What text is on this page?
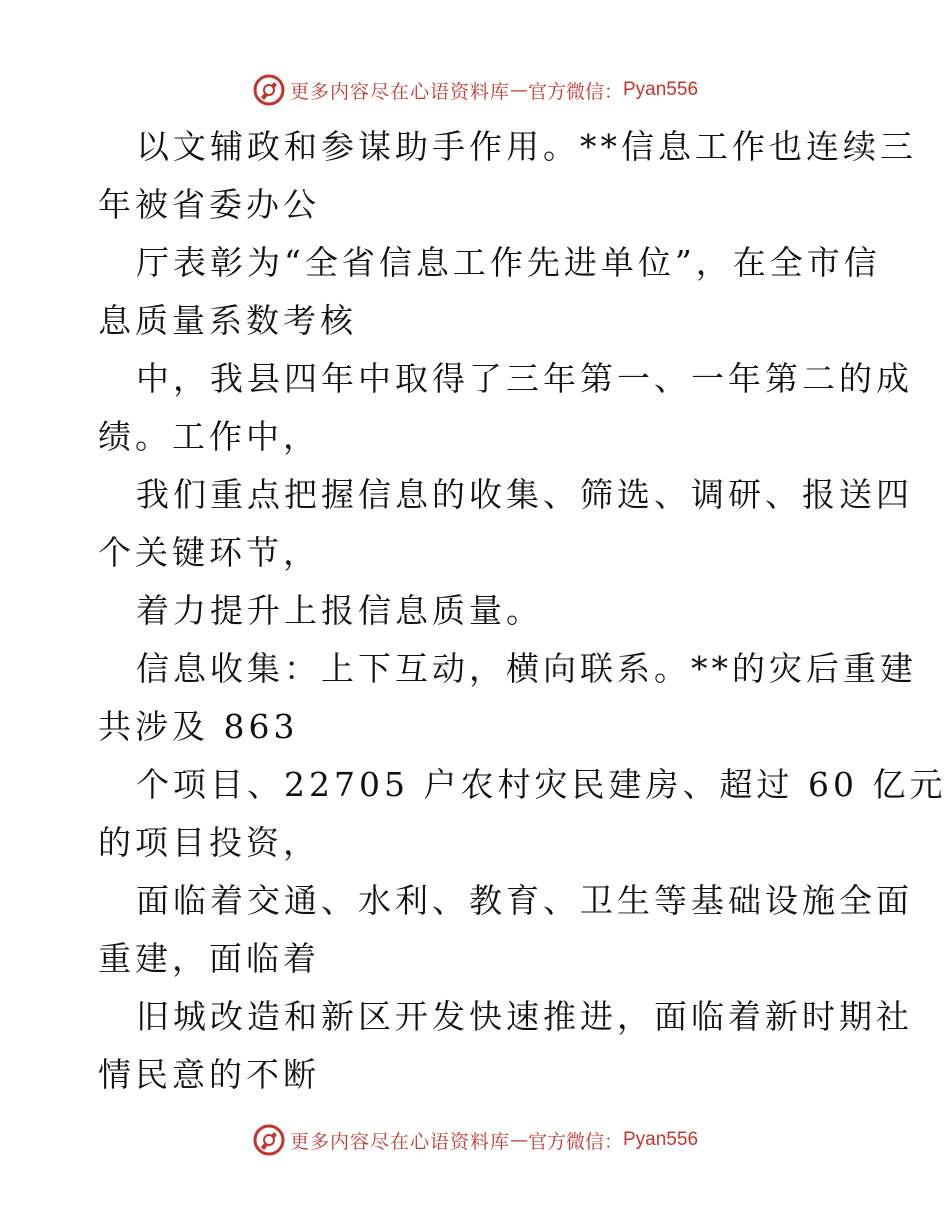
更多内容尽在心语资料库 — 官方微信： Pyan556
以文辅政和参谋助手作用。**信息工作也连续三
年被省委办公
厅表彰为“全省信息工作先进单位”，在全市信
息质量系数考核
中，我县四年中取得了三年第一、一年第二的成
绩。工作中，
我们重点把握信息的收集、筛选、调研、报送四
个关键环节，
着力提升上报信息质量。
信息收集：上下互动，横向联系。**的灾后重建
共涉及 863
个项目、22705 户农村灾民建房、超过 60 亿元
的项目投资，
面临着交通、水利、教育、卫生等基础设施全面
重建，面临着
旧城改造和新区开发快速推进，面临着新时期社
情民意的不断
更多内容尽在心语资料库 — 官方微信： Pyan556
